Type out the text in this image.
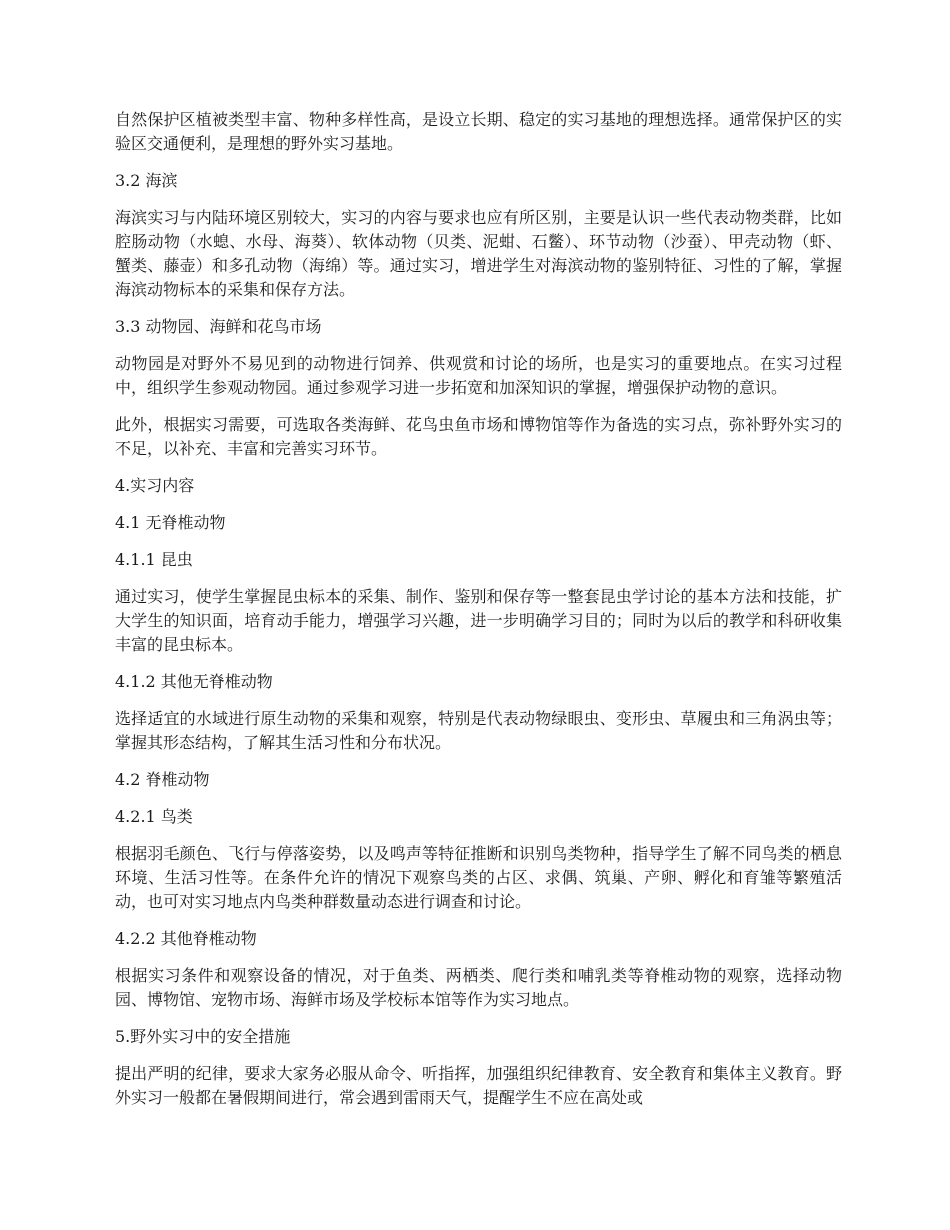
自然保护区植被类型丰富、物种多样性高，是设立长期、稳定的实习基地的理想选择。通常保护区的实验区交通便利，是理想的野外实习基地。

3.2 海滨

海滨实习与内陆环境区别较大，实习的内容与要求也应有所区别，主要是认识一些代表动物类群，比如腔肠动物（水螅、水母、海葵）、软体动物（贝类、泥蚶、石鳖）、环节动物（沙蚕）、甲壳动物（虾、蟹类、藤壶）和多孔动物（海绵）等。通过实习，增进学生对海滨动物的鉴别特征、习性的了解，掌握海滨动物标本的采集和保存方法。

3.3 动物园、海鲜和花鸟市场

动物园是对野外不易见到的动物进行饲养、供观赏和讨论的场所，也是实习的重要地点。在实习过程中，组织学生参观动物园。通过参观学习进一步拓宽和加深知识的掌握，增强保护动物的意识。

此外，根据实习需要，可选取各类海鲜、花鸟虫鱼市场和博物馆等作为备选的实习点，弥补野外实习的不足，以补充、丰富和完善实习环节。

4.实习内容

4.1 无脊椎动物

4.1.1 昆虫

通过实习，使学生掌握昆虫标本的采集、制作、鉴别和保存等一整套昆虫学讨论的基本方法和技能，扩大学生的知识面，培育动手能力，增强学习兴趣，进一步明确学习目的；同时为以后的教学和科研收集丰富的昆虫标本。

4.1.2 其他无脊椎动物

选择适宜的水域进行原生动物的采集和观察，特别是代表动物绿眼虫、变形虫、草履虫和三角涡虫等；掌握其形态结构，了解其生活习性和分布状况。

4.2 脊椎动物

4.2.1 鸟类

根据羽毛颜色、飞行与停落姿势，以及鸣声等特征推断和识别鸟类物种，指导学生了解不同鸟类的栖息环境、生活习性等。在条件允许的情况下观察鸟类的占区、求偶、筑巢、产卵、孵化和育雏等繁殖活动，也可对实习地点内鸟类种群数量动态进行调查和讨论。

4.2.2 其他脊椎动物

根据实习条件和观察设备的情况，对于鱼类、两栖类、爬行类和哺乳类等脊椎动物的观察，选择动物园、博物馆、宠物市场、海鲜市场及学校标本馆等作为实习地点。

5.野外实习中的安全措施

提出严明的纪律，要求大家务必服从命令、听指挥，加强组织纪律教育、安全教育和集体主义教育。野外实习一般都在暑假期间进行，常会遇到雷雨天气，提醒学生不应在高处或
